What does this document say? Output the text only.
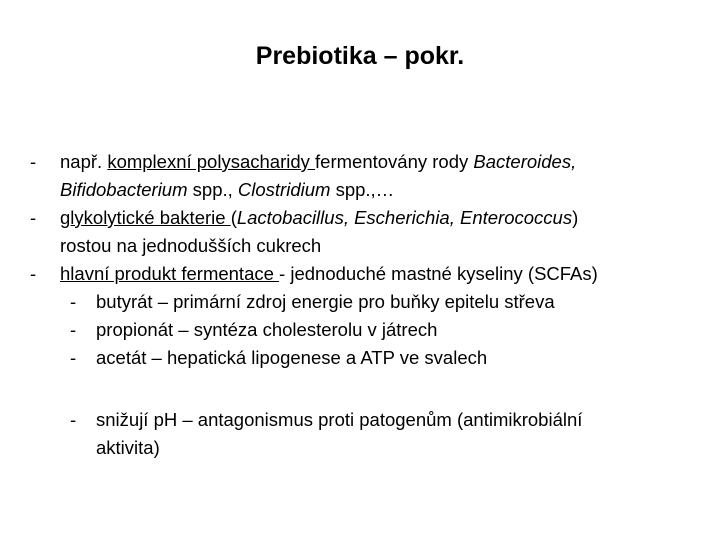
Prebiotika – pokr.
- např. komplexní polysacharidy fermentovány rody Bacteroides,
Bifidobacterium spp., Clostridium spp.,…
- glykolytické bakterie (Lactobacillus, Escherichia, Enterococcus)
rostou na jednodušších cukrech
- hlavní produkt fermentace - jednoduché mastné kyseliny (SCFAs)
- butyrát – primární zdroj energie pro buňky epitelu střeva
- propionát – syntéza cholesterolu v játrech
- acetát – hepatická lipogenese a ATP ve svalech
- snižují pH – antagonismus proti patogenům (antimikrobiální
aktivita)
